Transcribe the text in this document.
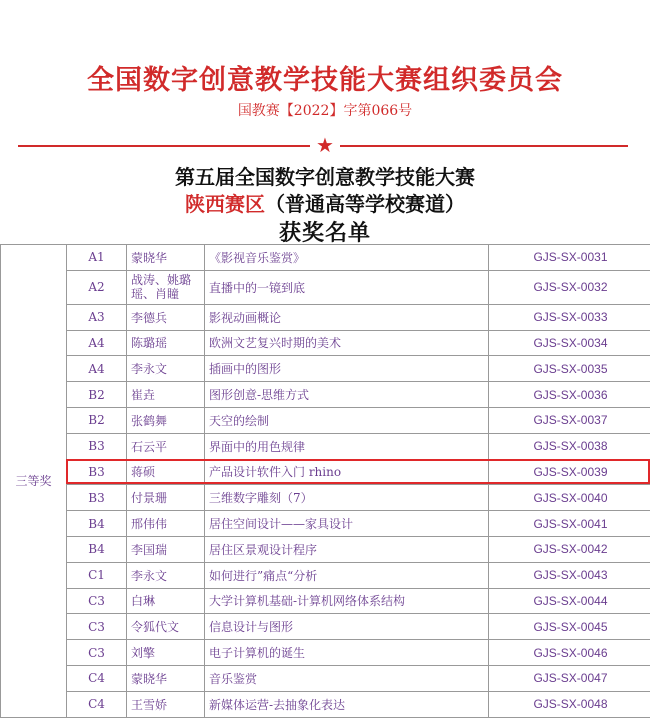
全国数字创意教学技能大赛组织委员会
国教赛【2022】字第066号
★
第五届全国数字创意教学技能大赛
陕西赛区（普通高等学校赛道）
获奖名单
三等奖	A1	蒙晓华	《影视音乐鉴赏》	GJS-SX-0031
	A2	战涛、姚璐瑶、肖瞳	直播中的一镜到底	GJS-SX-0032
	A3	李德兵	影视动画概论	GJS-SX-0033
	A4	陈璐瑶	欧洲文艺复兴时期的美术	GJS-SX-0034
	A4	李永文	插画中的图形	GJS-SX-0035
	B2	崔垚	图形创意-思维方式	GJS-SX-0036
	B2	张鹤舞	天空的绘制	GJS-SX-0037
	B3	石云平	界面中的用色规律	GJS-SX-0038
	B3	蒋硕	产品设计软件入门 rhino	GJS-SX-0039
	B3	付景珊	三维数字雕刻（7）	GJS-SX-0040
	B4	邢伟伟	居住空间设计——家具设计	GJS-SX-0041
	B4	李国瑞	居住区景观设计程序	GJS-SX-0042
	C1	李永文	如何进行”痛点“分析	GJS-SX-0043
	C3	白琳	大学计算机基础-计算机网络体系结构	GJS-SX-0044
	C3	令狐代文	信息设计与图形	GJS-SX-0045
	C3	刘擎	电子计算机的诞生	GJS-SX-0046
	C4	蒙晓华	音乐鉴赏	GJS-SX-0047
	C4	王雪娇	新媒体运营-去抽象化表达	GJS-SX-0048
